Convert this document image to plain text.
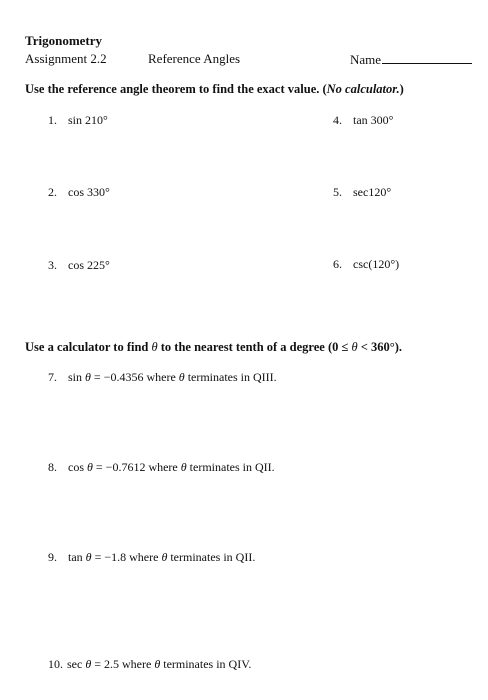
Trigonometry
Assignment 2.2	Reference Angles	Name
Use the reference angle theorem to find the exact value. (No calculator.)
1. sin 210°	4. tan 300°
2. cos 330°	5. sec120°
3. cos 225°	6. csc(120°)
Use a calculator to find θ to the nearest tenth of a degree (0 ≤ θ < 360°).
7. sin θ = −0.4356 where θ terminates in QIII.
8. cos θ = −0.7612 where θ terminates in QII.
9. tan θ = −1.8 where θ terminates in QII.
10. sec θ = 2.5 where θ terminates in QIV.
